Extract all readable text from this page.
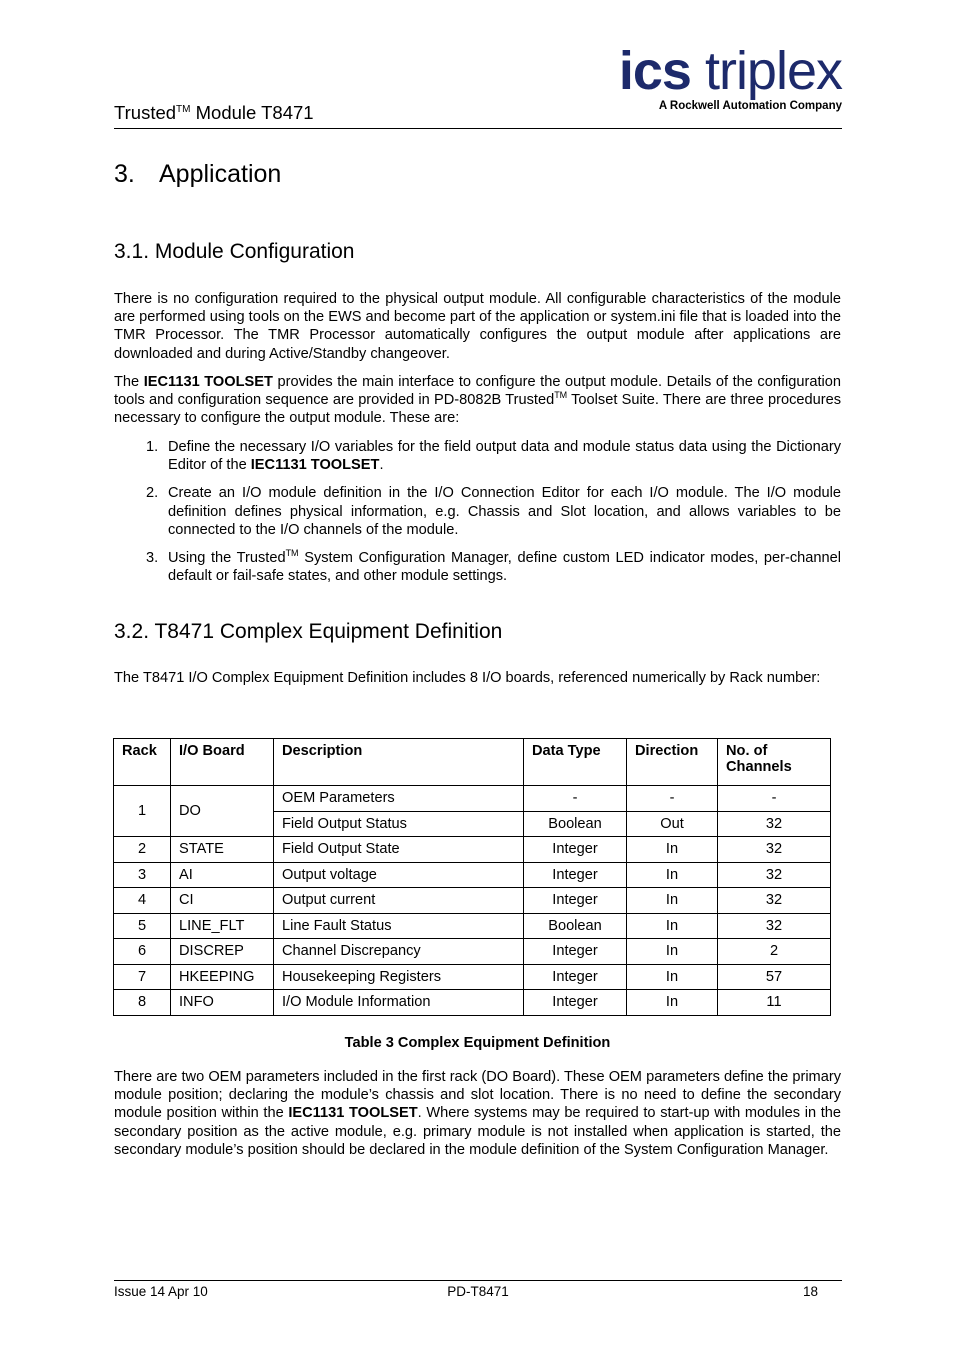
Trusted™ Module T8471
ics triplex
A Rockwell Automation Company
3. Application
3.1. Module Configuration

There is no configuration required to the physical output module. All configurable characteristics of the module are performed using tools on the EWS and become part of the application or system.ini file that is loaded into the TMR Processor. The TMR Processor automatically configures the output module after applications are downloaded and during Active/Standby changeover.

The IEC1131 TOOLSET provides the main interface to configure the output module. Details of the configuration tools and configuration sequence are provided in PD-8082B Trusted™ Toolset Suite. There are three procedures necessary to configure the output module. These are:

1. Define the necessary I/O variables for the field output data and module status data using the Dictionary Editor of the IEC1131 TOOLSET.
2. Create an I/O module definition in the I/O Connection Editor for each I/O module. The I/O module definition defines physical information, e.g. Chassis and Slot location, and allows variables to be connected to the I/O channels of the module.
3. Using the Trusted™ System Configuration Manager, define custom LED indicator modes, per-channel default or fail-safe states, and other module settings.
3.2. T8471 Complex Equipment Definition

The T8471 I/O Complex Equipment Definition includes 8 I/O boards, referenced numerically by Rack number:

Rack	I/O Board	Description	Data Type	Direction	No. of Channels
1	DO	OEM Parameters	-	-	-
		Field Output Status	Boolean	Out	32
2	STATE	Field Output State	Integer	In	32
3	AI	Output voltage	Integer	In	32
4	CI	Output current	Integer	In	32
5	LINE_FLT	Line Fault Status	Boolean	In	32
6	DISCREP	Channel Discrepancy	Integer	In	2
7	HKEEPING	Housekeeping Registers	Integer	In	57
8	INFO	I/O Module Information	Integer	In	11
Table 3 Complex Equipment Definition

There are two OEM parameters included in the first rack (DO Board). These OEM parameters define the primary module position; declaring the module’s chassis and slot location. There is no need to define the secondary module position within the IEC1131 TOOLSET. Where systems may be required to start-up with modules in the secondary position as the active module, e.g. primary module is not installed when application is started, the secondary module’s position should be declared in the module definition of the System Configuration Manager.

Issue 14 Apr 10	PD-T8471	18
